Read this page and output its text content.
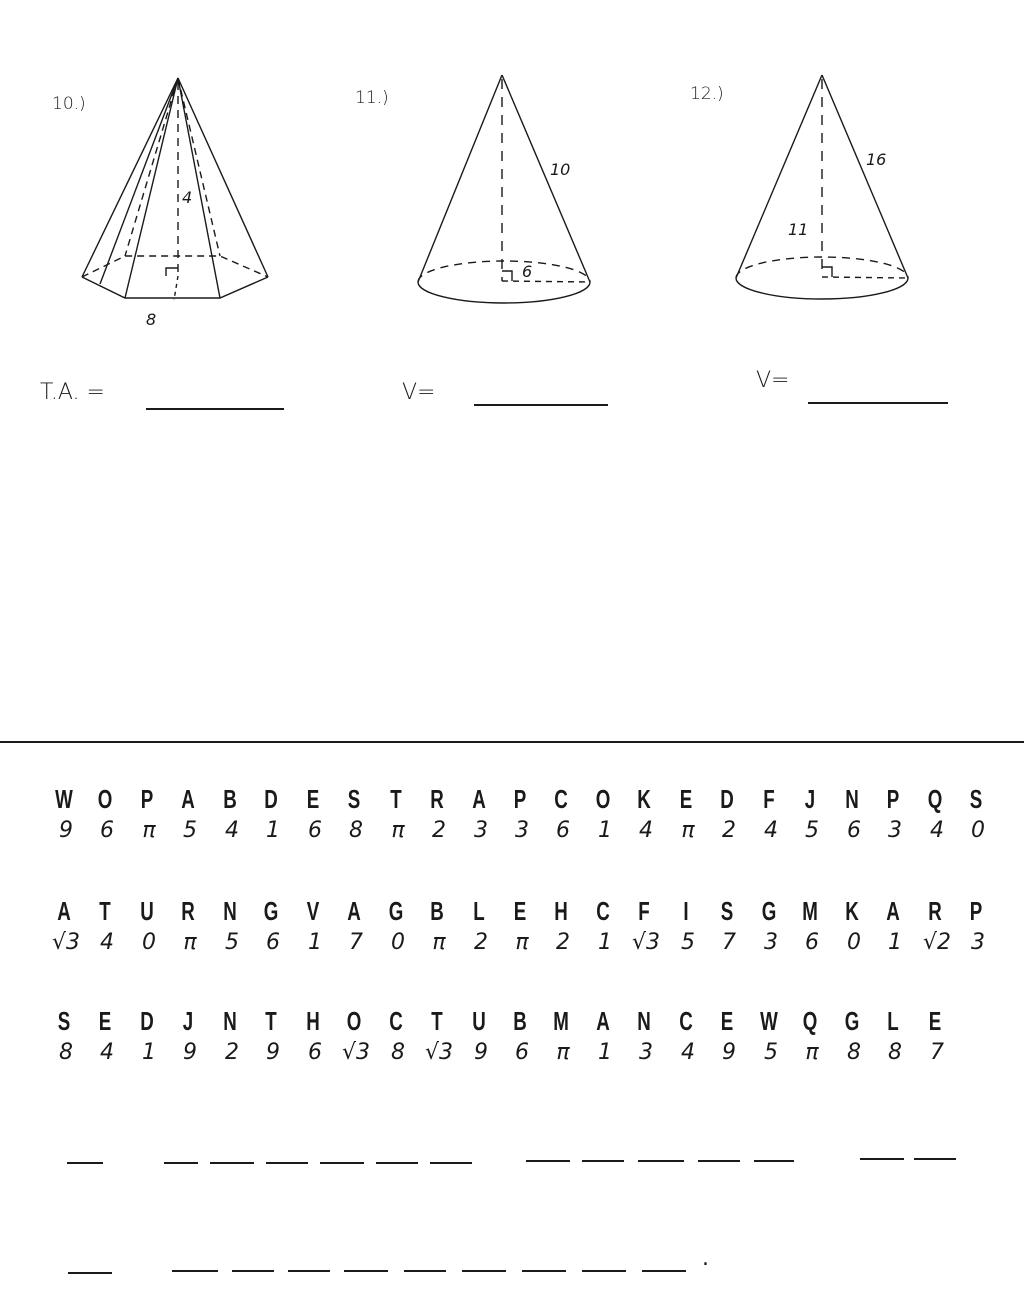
10.)
4
8
11.)
10
6
12.)
11
16
T.A. =	V=	V=
W O P A B D E S T R A P C O K E D F J N P Q S
9	6	π	5	4	1	6	8	π	2	3	3	6	1	4	π	2	4	5	6	3	4	0
A T U R N G V A G B L E H C F I S G M K A R P
√3 4	0	π	5	6	1	7	0	π	2	π	2	1 √3 5	7	3	6	0	1 √2 3
S E D J N T H O C T U B M A N C E W Q G L E
8	4	1	9	2	9	6 √3 8 √3 9	6	π	1	3	4	9	5	π	8	8	7
.
